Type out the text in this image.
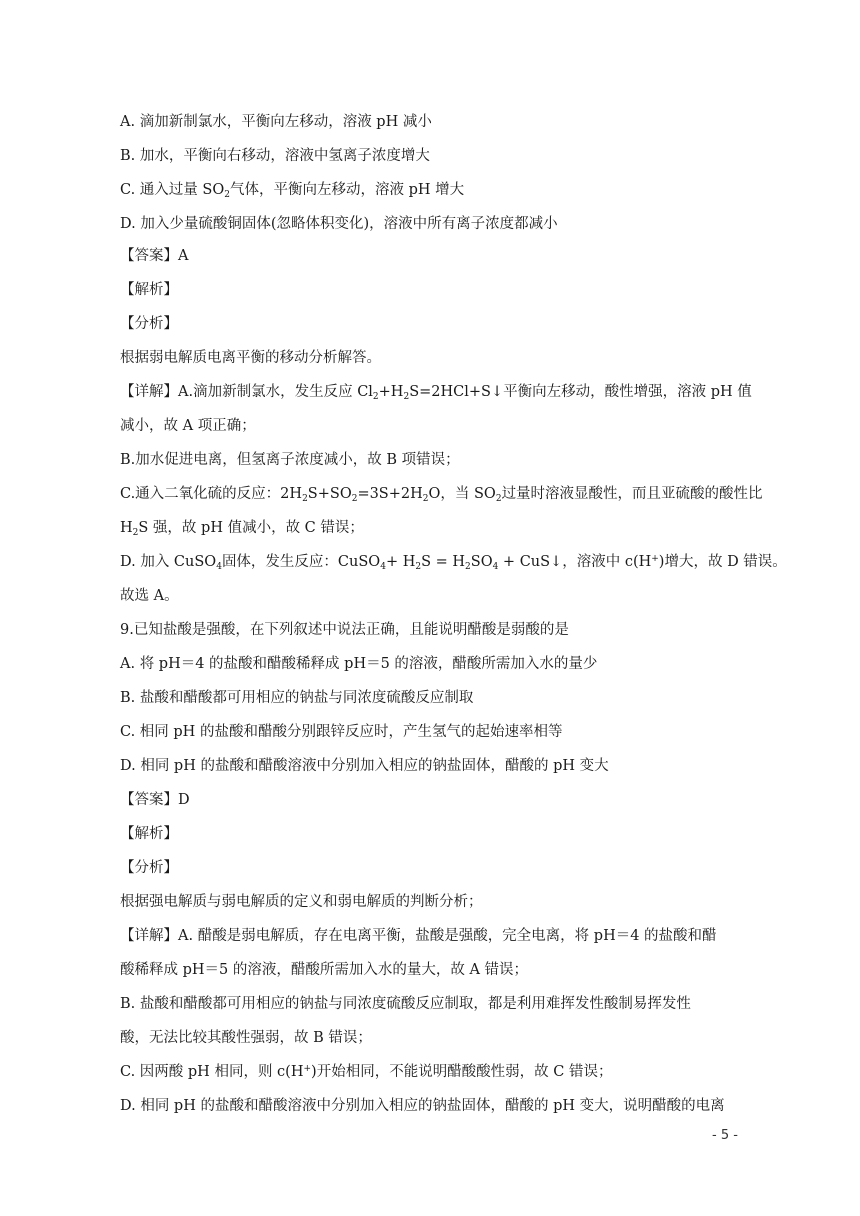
A. 滴加新制氯水，平衡向左移动，溶液 pH 减小
B. 加水，平衡向右移动，溶液中氢离子浓度增大
C. 通入过量 $SO_2$气体，平衡向左移动，溶液 pH 增大
D. 加入少量硫酸铜固体(忽略体积变化)，溶液中所有离子浓度都减小
【答案】A
【解析】
【分析】
根据弱电解质电离平衡的移动分析解答。
【详解】A.滴加新制氯水，发生反应 $Cl_2+H_2S=2HCl+S↓$平衡向左移动，酸性增强，溶液 pH 值
减小，故 A 项正确；
B.加水促进电离，但氢离子浓度减小，故 B 项错误；
C.通入二氧化硫的反应：$2H_2S+SO_2=3S+2H_2O$，当 $SO_2$过量时溶液显酸性，而且亚硫酸的酸性比
$H_2S$ 强，故 pH 值减小，故 C 错误；
D. 加入 CuSO$_4$固体，发生反应：CuSO$_4$+ $H_2S = H_2SO_4$ + CuS↓，溶液中 c(H+)增大，故 D 错误。
故选 A。
9.已知盐酸是强酸，在下列叙述中说法正确，且能说明醋酸是弱酸的是
A. 将 pH＝4 的盐酸和醋酸稀释成 pH＝5 的溶液，醋酸所需加入水的量少
B. 盐酸和醋酸都可用相应的钠盐与同浓度硫酸反应制取
C. 相同 pH 的盐酸和醋酸分别跟锌反应时，产生氢气的起始速率相等
D. 相同 pH 的盐酸和醋酸溶液中分别加入相应的钠盐固体，醋酸的 pH 变大
【答案】D
【解析】
【分析】
根据强电解质与弱电解质的定义和弱电解质的判断分析；
【详解】A. 醋酸是弱电解质，存在电离平衡，盐酸是强酸，完全电离，将 pH＝4 的盐酸和醋
酸稀释成 pH＝5 的溶液，醋酸所需加入水的量大，故 A 错误；
B. 盐酸和醋酸都可用相应的钠盐与同浓度硫酸反应制取，都是利用难挥发性酸制易挥发性
酸，无法比较其酸性强弱，故 B 错误；
C. 因两酸 pH 相同，则 c(H+)开始相同，不能说明醋酸酸性弱，故 C 错误；
D. 相同 pH 的盐酸和醋酸溶液中分别加入相应的钠盐固体，醋酸的 pH 变大，说明醋酸的电离
- 5 -
